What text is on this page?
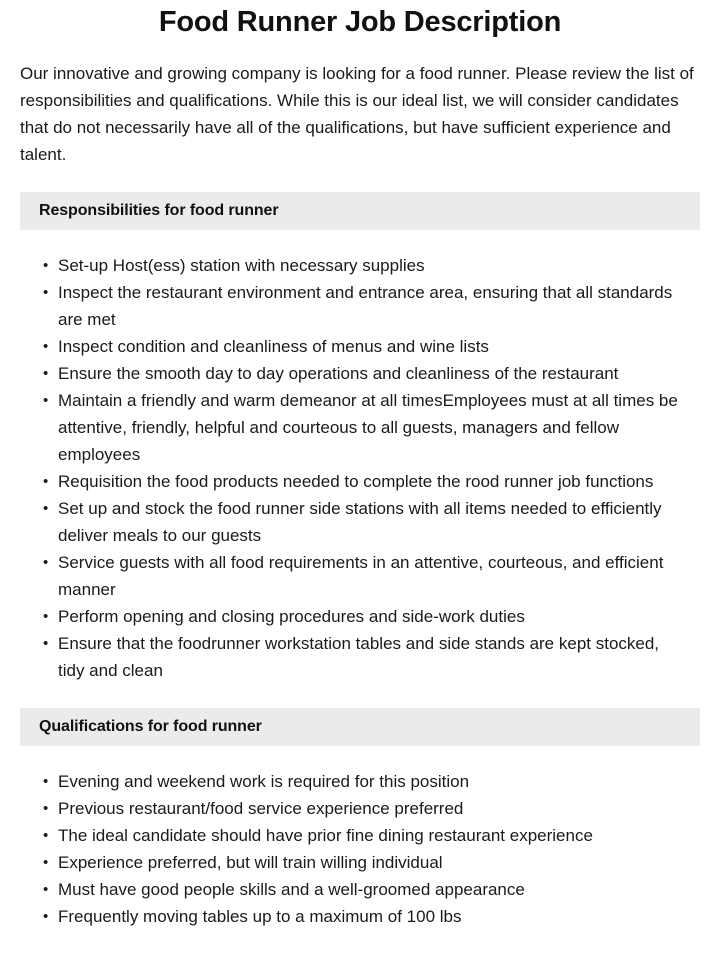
Food Runner Job Description

Our innovative and growing company is looking for a food runner. Please review the list of responsibilities and qualifications. While this is our ideal list, we will consider candidates that do not necessarily have all of the qualifications, but have sufficient experience and talent.

Responsibilities for food runner
• Set-up Host(ess) station with necessary supplies
• Inspect the restaurant environment and entrance area, ensuring that all standards are met
• Inspect condition and cleanliness of menus and wine lists
• Ensure the smooth day to day operations and cleanliness of the restaurant
• Maintain a friendly and warm demeanor at all timesEmployees must at all times be attentive, friendly, helpful and courteous to all guests, managers and fellow employees
• Requisition the food products needed to complete the rood runner job functions
• Set up and stock the food runner side stations with all items needed to efficiently deliver meals to our guests
• Service guests with all food requirements in an attentive, courteous, and efficient manner
• Perform opening and closing procedures and side-work duties
• Ensure that the foodrunner workstation tables and side stands are kept stocked, tidy and clean
Qualifications for food runner
• Evening and weekend work is required for this position
• Previous restaurant/food service experience preferred
• The ideal candidate should have prior fine dining restaurant experience
• Experience preferred, but will train willing individual
• Must have good people skills and a well-groomed appearance
• Frequently moving tables up to a maximum of 100 lbs
